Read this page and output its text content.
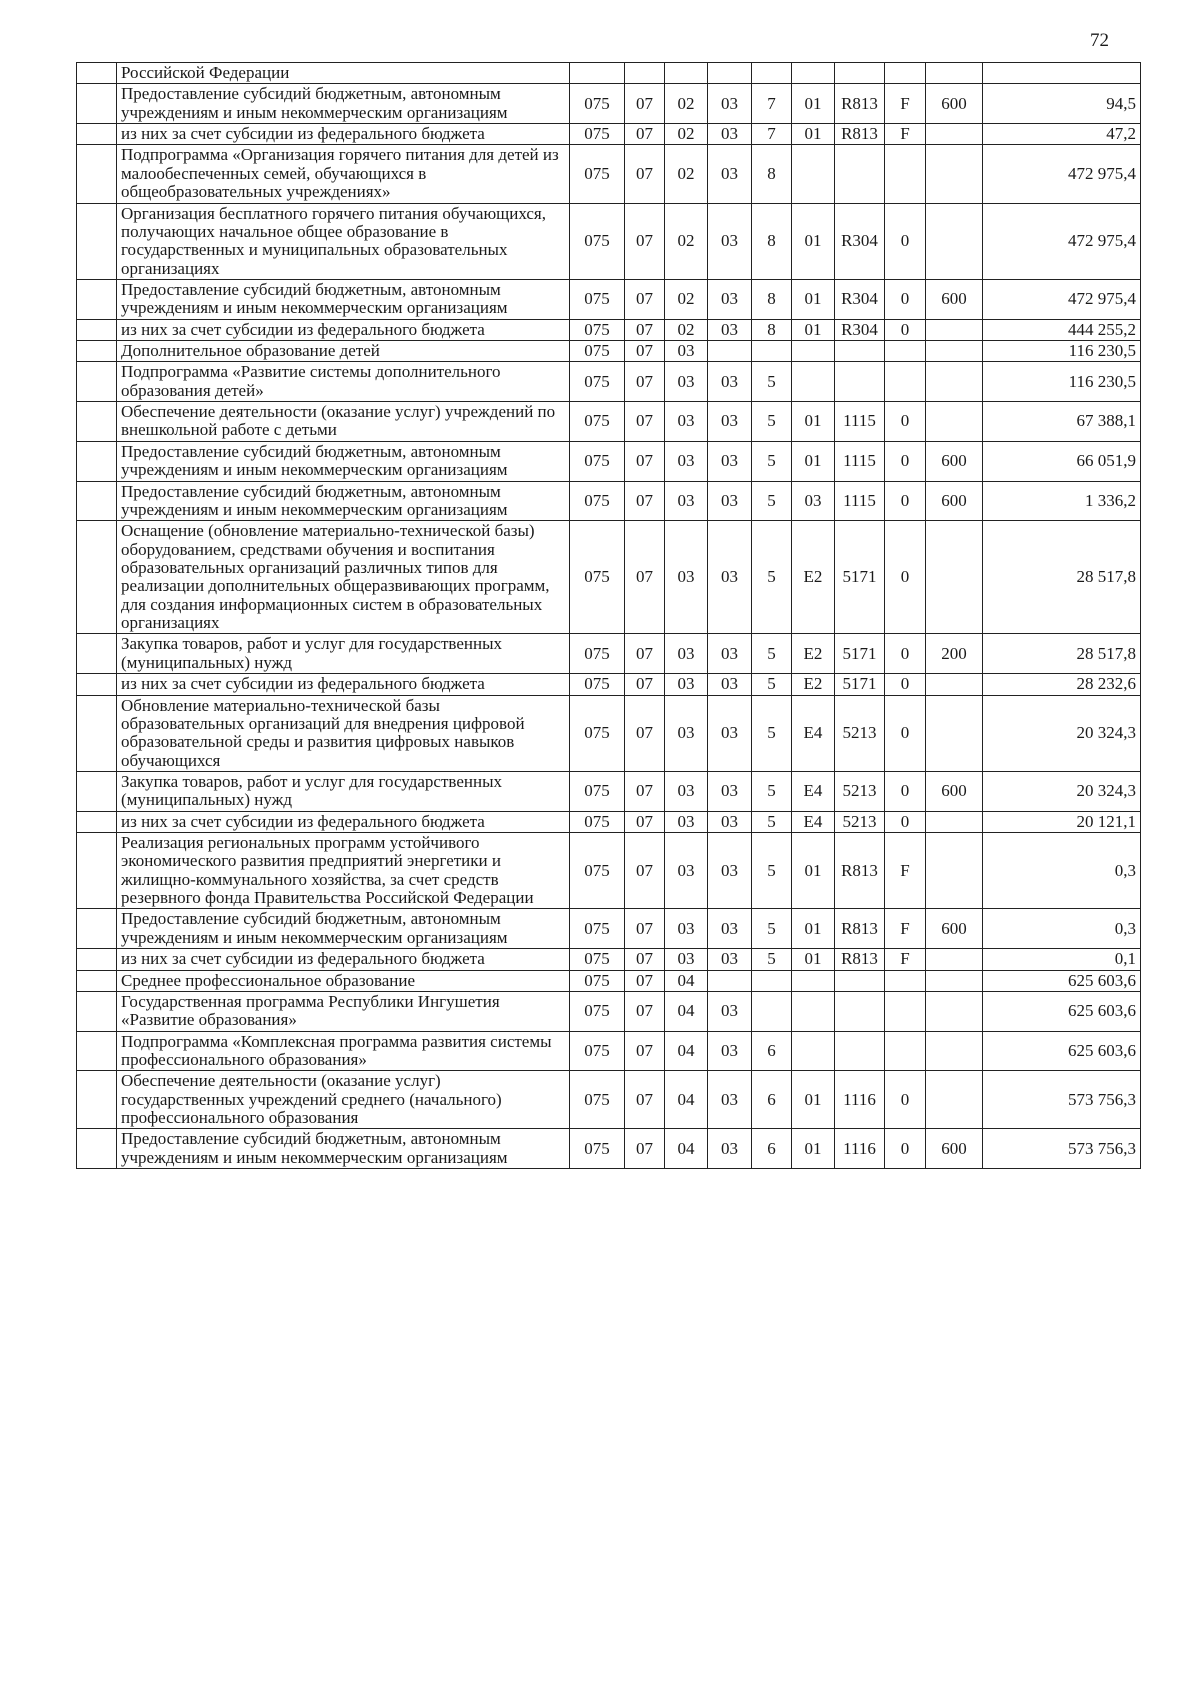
72
	Российской Федерации										
	Предоставление субсидий бюджетным, автономным учреждениям и иным некоммерческим организациям	075	07	02	03	7	01	R813	F	600	94,5
	из них за счет субсидии из федерального бюджета	075	07	02	03	7	01	R813	F		47,2
	Подпрограмма «Организация горячего питания для детей из малообеспеченных семей, обучающихся в общеобразовательных учреждениях»	075	07	02	03	8					472 975,4
	Организация бесплатного горячего питания обучающихся, получающих начальное общее образование в государственных и муниципальных образовательных организациях	075	07	02	03	8	01	R304	0		472 975,4
	Предоставление субсидий бюджетным, автономным учреждениям и иным некоммерческим организациям	075	07	02	03	8	01	R304	0	600	472 975,4
	из них за счет субсидии из федерального бюджета	075	07	02	03	8	01	R304	0		444 255,2
	Дополнительное образование детей	075	07	03							116 230,5
	Подпрограмма «Развитие системы дополнительного образования детей»	075	07	03	03	5					116 230,5
	Обеспечение деятельности (оказание услуг) учреждений по внешкольной работе с детьми	075	07	03	03	5	01	1115	0		67 388,1
	Предоставление субсидий бюджетным, автономным учреждениям и иным некоммерческим организациям	075	07	03	03	5	01	1115	0	600	66 051,9
	Предоставление субсидий бюджетным, автономным учреждениям и иным некоммерческим организациям	075	07	03	03	5	03	1115	0	600	1 336,2
	Оснащение (обновление материально-технической базы) оборудованием, средствами обучения и воспитания образовательных организаций различных типов для реализации дополнительных общеразвивающих программ, для создания информационных систем в образовательных организациях	075	07	03	03	5	E2	5171	0		28 517,8
	Закупка товаров, работ и услуг для государственных (муниципальных) нужд	075	07	03	03	5	E2	5171	0	200	28 517,8
	из них за счет субсидии из федерального бюджета	075	07	03	03	5	E2	5171	0		28 232,6
	Обновление материально-технической базы образовательных организаций для внедрения цифровой образовательной среды и развития цифровых навыков обучающихся	075	07	03	03	5	E4	5213	0		20 324,3
	Закупка товаров, работ и услуг для государственных (муниципальных) нужд	075	07	03	03	5	E4	5213	0	600	20 324,3
	из них за счет субсидии из федерального бюджета	075	07	03	03	5	E4	5213	0		20 121,1
	Реализация региональных программ устойчивого экономического развития предприятий энергетики и жилищно-коммунального хозяйства, за счет средств резервного фонда Правительства Российской Федерации	075	07	03	03	5	01	R813	F		0,3
	Предоставление субсидий бюджетным, автономным учреждениям и иным некоммерческим организациям	075	07	03	03	5	01	R813	F	600	0,3
	из них за счет субсидии из федерального бюджета	075	07	03	03	5	01	R813	F		0,1
	Среднее профессиональное образование	075	07	04							625 603,6
	Государственная программа Республики Ингушетия «Развитие образования»	075	07	04	03						625 603,6
	Подпрограмма «Комплексная программа развития системы профессионального образования»	075	07	04	03	6					625 603,6
	Обеспечение деятельности (оказание услуг) государственных учреждений среднего (начального) профессионального образования	075	07	04	03	6	01	1116	0		573 756,3
	Предоставление субсидий бюджетным, автономным учреждениям и иным некоммерческим организациям	075	07	04	03	6	01	1116	0	600	573 756,3
